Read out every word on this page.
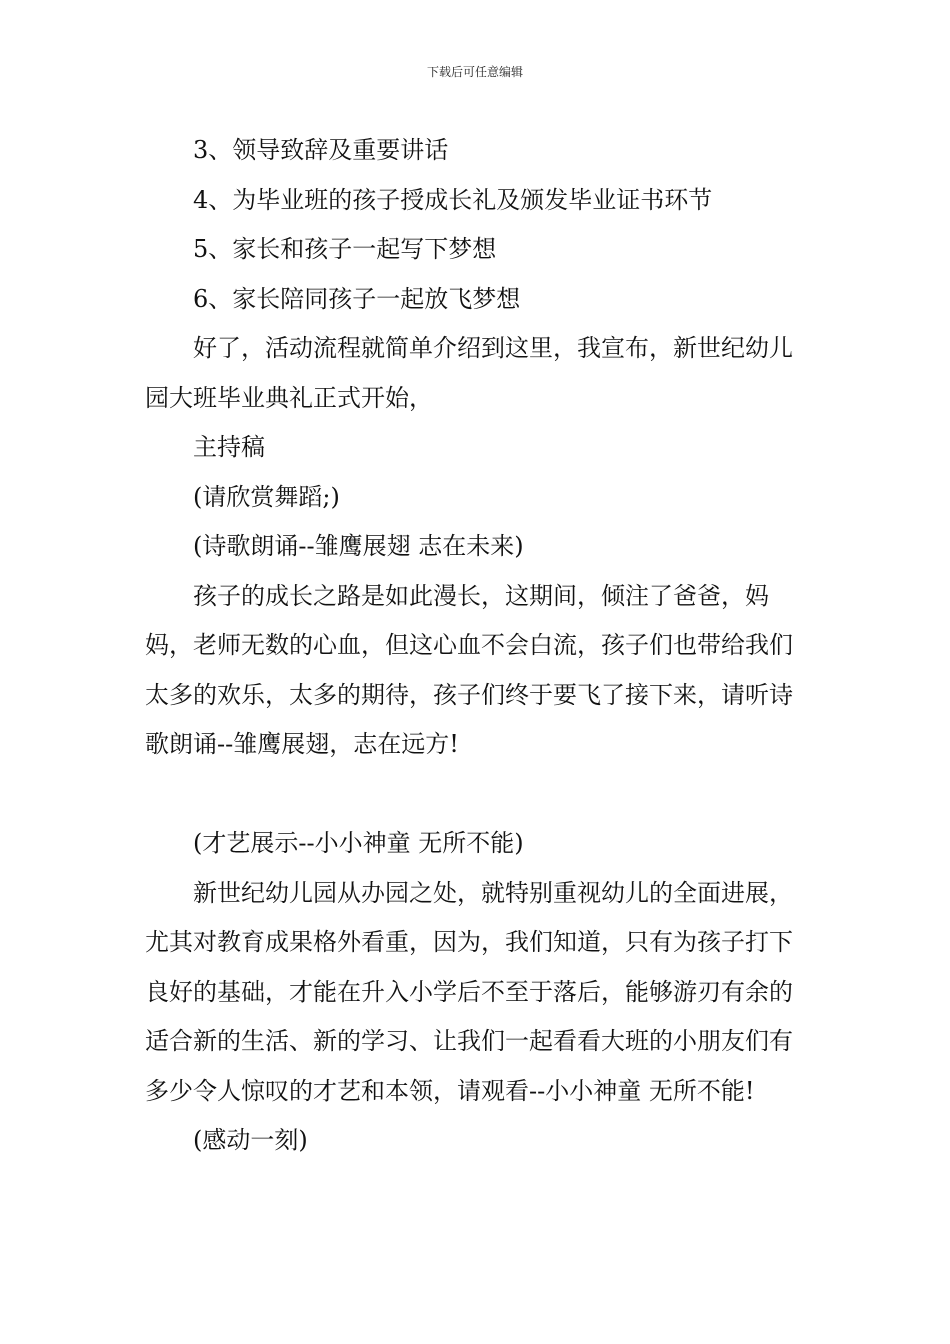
下载后可任意编辑

3、领导致辞及重要讲话

4、为毕业班的孩子授成长礼及颁发毕业证书环节

5、家长和孩子一起写下梦想

6、家长陪同孩子一起放飞梦想

好了，活动流程就简单介绍到这里，我宣布，新世纪幼儿园大班毕业典礼正式开始，

主持稿

(请欣赏舞蹈;)

(诗歌朗诵--雏鹰展翅 志在未来)

孩子的成长之路是如此漫长，这期间，倾注了爸爸，妈妈，老师无数的心血，但这心血不会白流，孩子们也带给我们太多的欢乐，太多的期待，孩子们终于要飞了接下来，请听诗歌朗诵--雏鹰展翅，志在远方!

(才艺展示--小小神童 无所不能)

新世纪幼儿园从办园之处，就特别重视幼儿的全面进展，尤其对教育成果格外看重，因为，我们知道，只有为孩子打下良好的基础，才能在升入小学后不至于落后，能够游刃有余的适合新的生活、新的学习、让我们一起看看大班的小朋友们有多少令人惊叹的才艺和本领，请观看--小小神童 无所不能!

(感动一刻)
